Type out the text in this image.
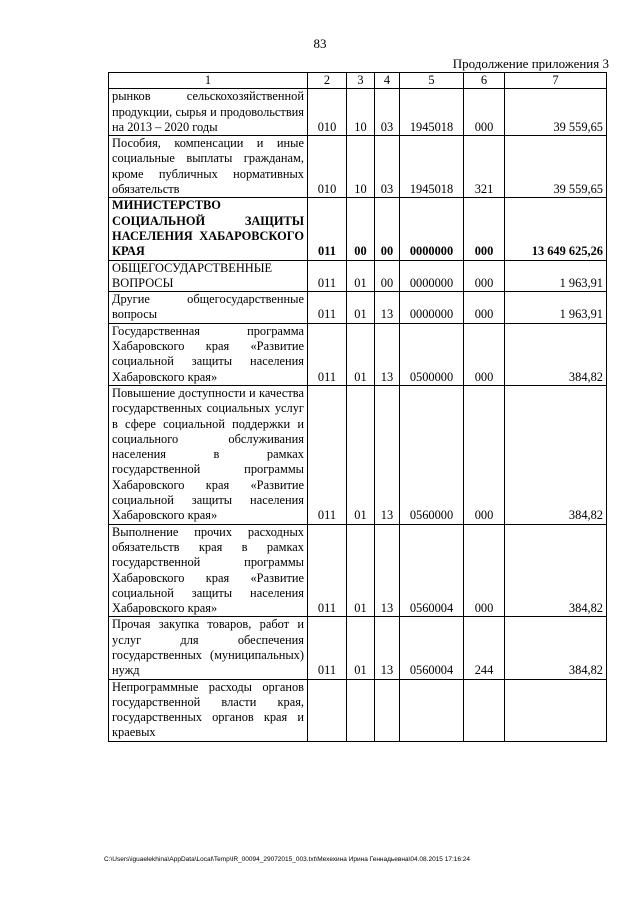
83
Продолжение приложения 3
1	2	3	4	5	6	7
рынков сельскохозяйственной продукции, сырья и продовольствия на 2013 – 2020 годы	010	10	03	1945018	000	39 559,65
Пособия, компенсации и иные социальные выплаты гражданам, кроме публичных нормативных обязательств	010	10	03	1945018	321	39 559,65
МИНИСТЕРСТВО СОЦИАЛЬНОЙ ЗАЩИТЫ НАСЕЛЕНИЯ ХАБАРОВСКОГО КРАЯ	011	00	00	0000000	000	13 649 625,26
ОБЩЕГОСУДАРСТВЕННЫЕ ВОПРОСЫ	011	01	00	0000000	000	1 963,91
Другие общегосударственные вопросы	011	01	13	0000000	000	1 963,91
Государственная программа Хабаровского края «Развитие социальной защиты населения Хабаровского края»	011	01	13	0500000	000	384,82
Повышение доступности и качества государственных социальных услуг в сфере социальной поддержки и социального обслуживания населения в рамках государственной программы Хабаровского края «Развитие социальной защиты населения Хабаровского края»	011	01	13	0560000	000	384,82
Выполнение прочих расходных обязательств края в рамках государственной программы Хабаровского края «Развитие социальной защиты населения Хабаровского края»	011	01	13	0560004	000	384,82
Прочая закупка товаров, работ и услуг для обеспечения государственных (муниципальных) нужд	011	01	13	0560004	244	384,82
Непрограммные расходы органов государственной власти края, государственных органов края и краевых						
C:\Users\iguaelekhina\AppData\Local\Temp\IR_00094_29072015_003.txt\Мехехина Ирина Геннадьевна\04.08.2015 17:16:24
